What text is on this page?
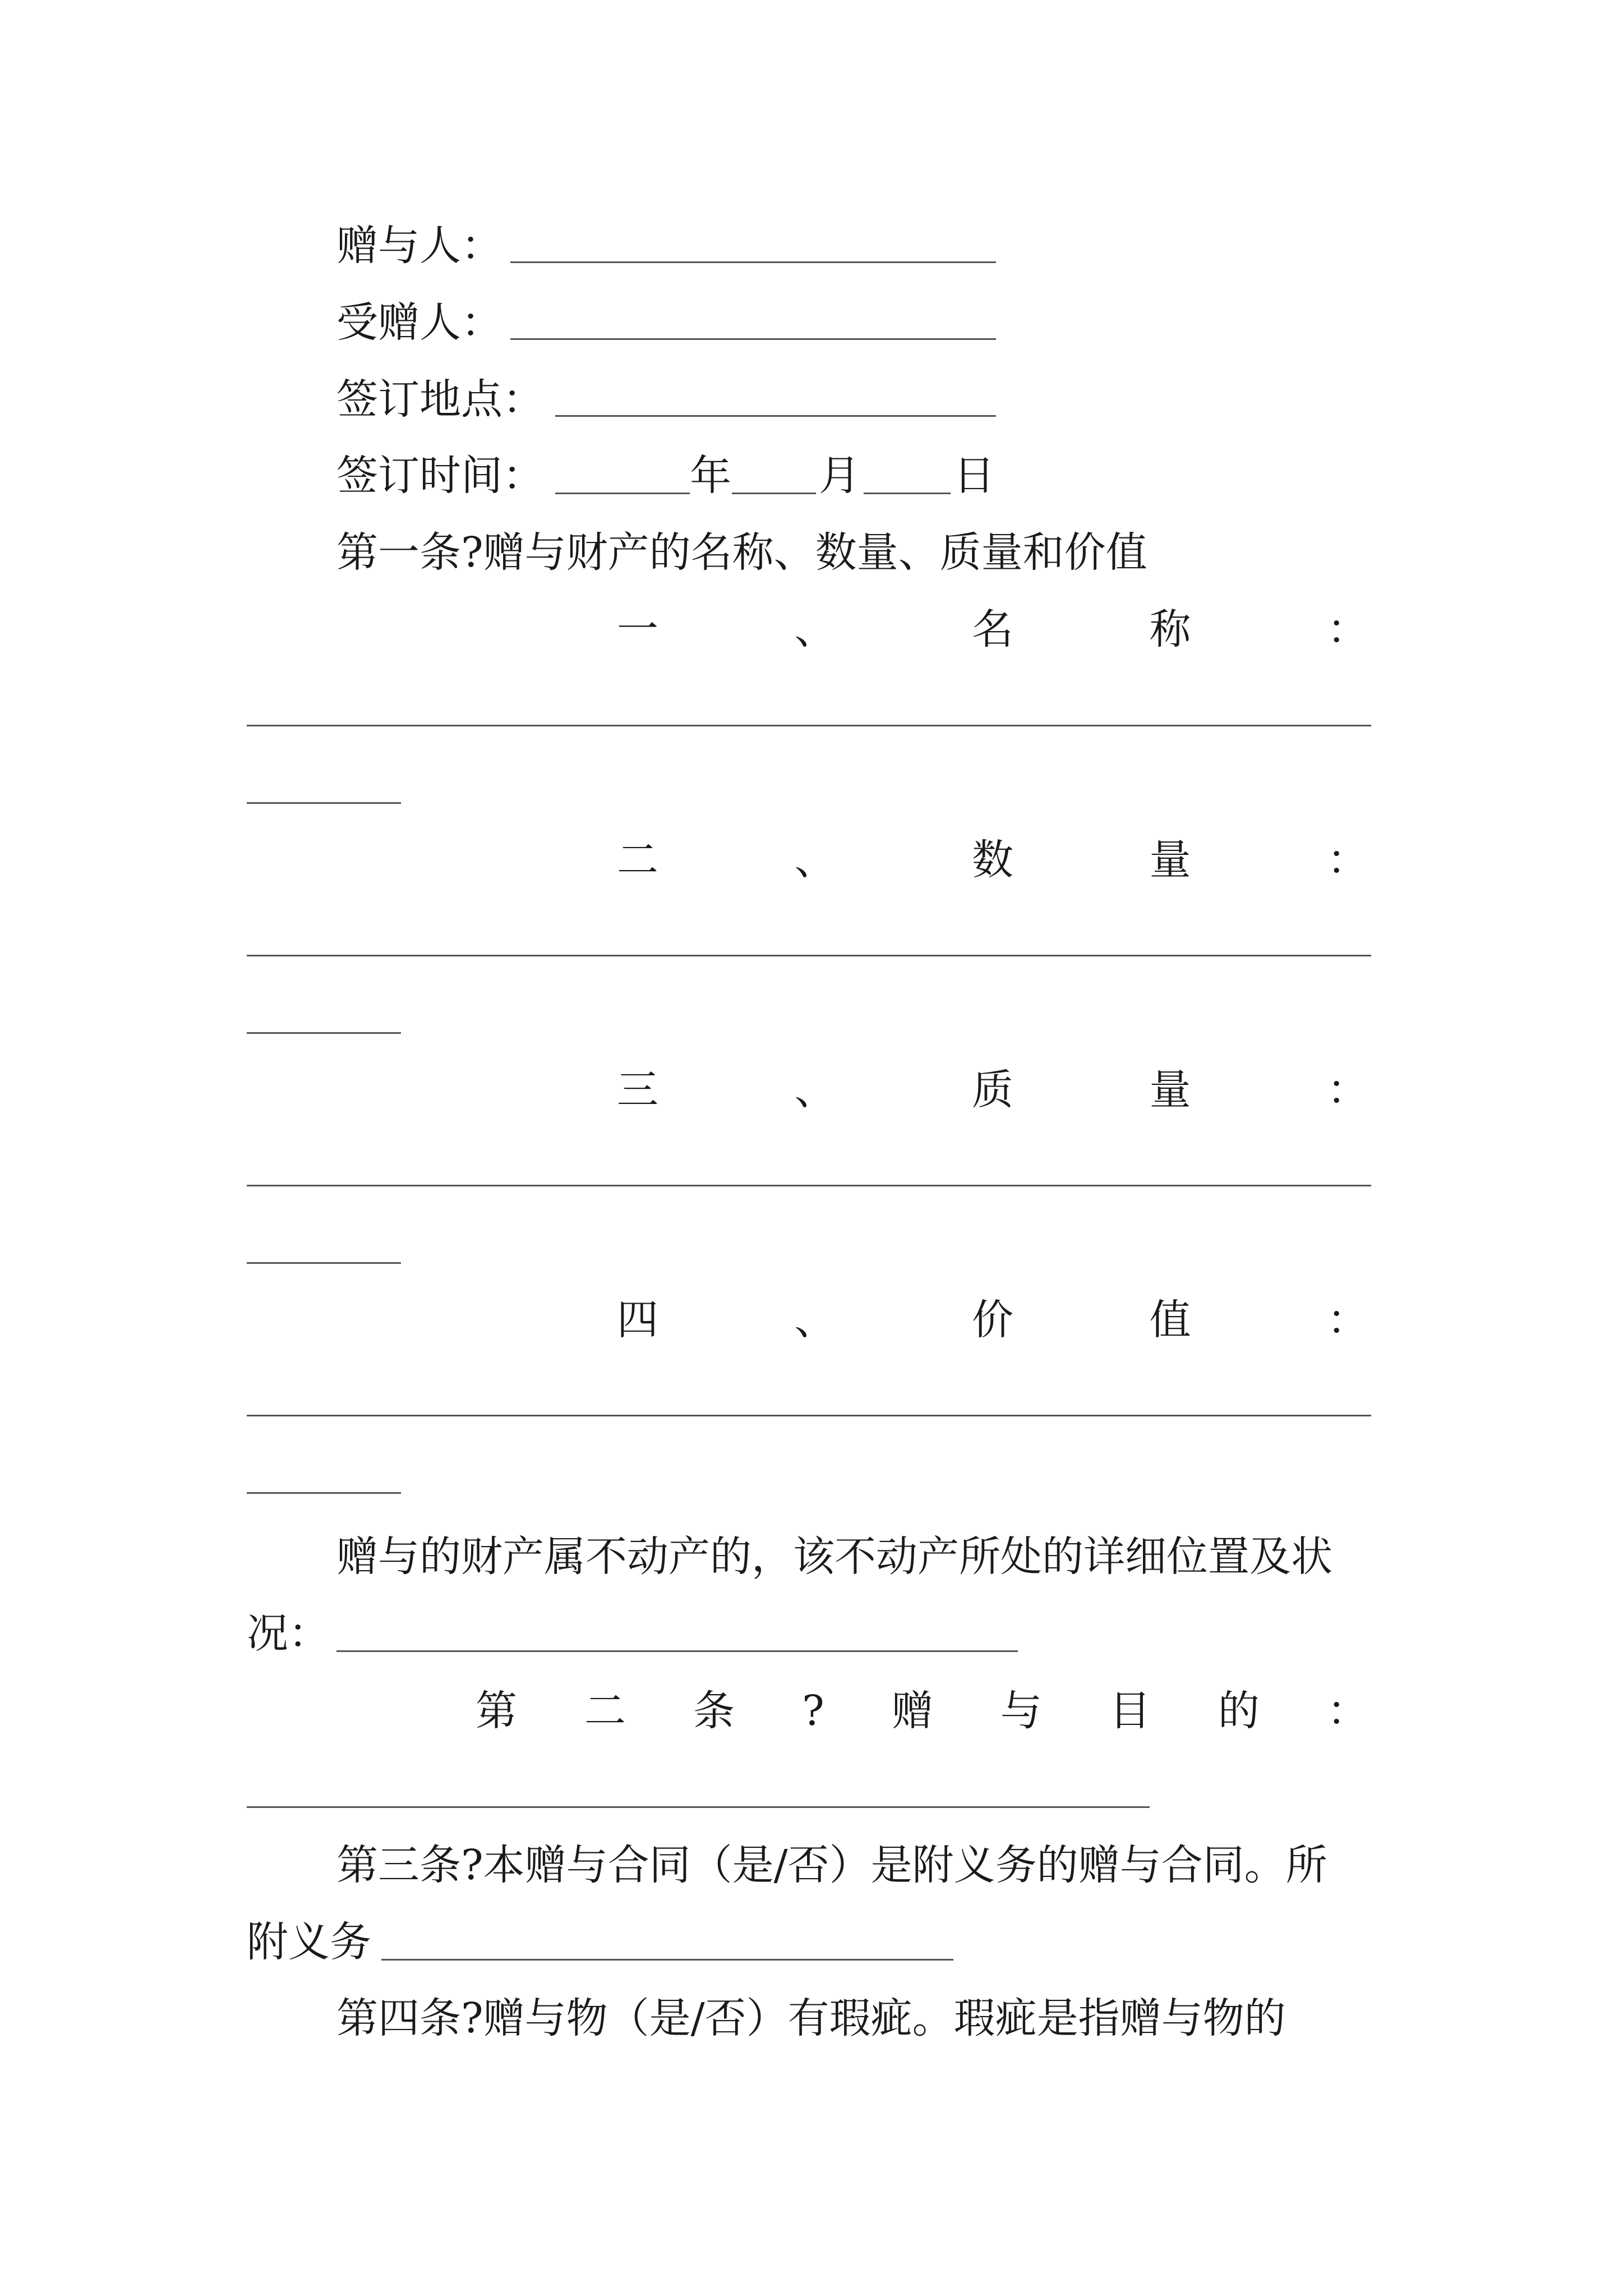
赠与人：
受赠人：
签订地点：
签订时间：	年 月 日
第一条?赠与财产的名称、数量、质量和价值
一	、	名	称	：
二	、	数	量	：
三	、	质	量	：
四	、	价	值	：
赠与的财产属不动产的，该不动产所处的详细位置及状
况：
第 二 条 ? 赠 与 目 的 ：
第三条?本赠与合同（是/否）是附义务的赠与合同。所
附义务
第四条?赠与物（是/否）有瑕疵。瑕疵是指赠与物的
